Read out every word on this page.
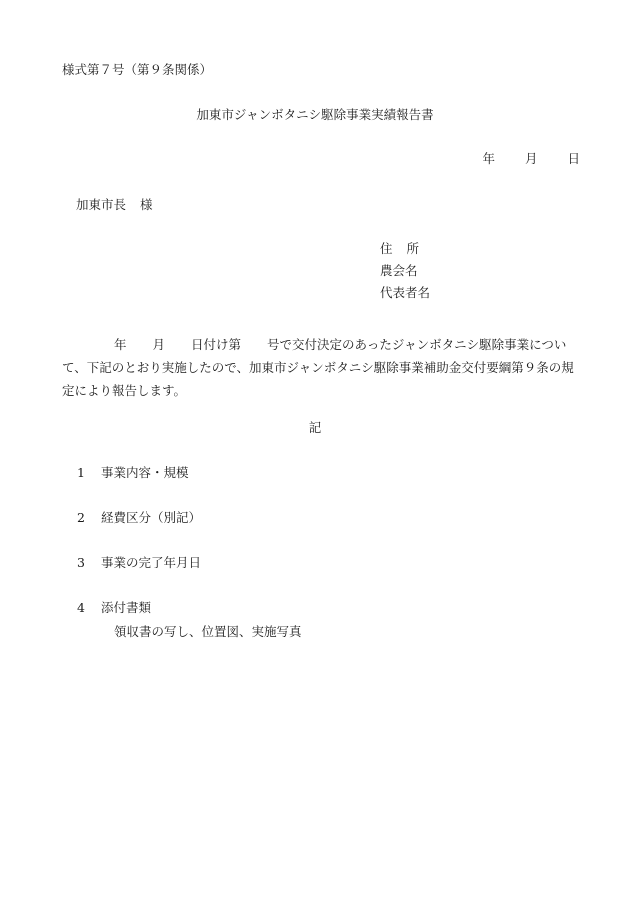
様式第７号（第９条関係）
加東市ジャンボタニシ駆除事業実績報告書
年 月 日
加東市長 様
住 所
農会名
代表者名
年 月 日付け第 号で交付決定のあったジャンボタニシ駆除事業につい
て、下記のとおり実施したので、加東市ジャンボタニシ駆除事業補助金交付要綱第９条の規
定により報告します。
記
1 事業内容・規模
2 経費区分（別記）
3 事業の完了年月日
4 添付書類
領収書の写し、位置図、実施写真
